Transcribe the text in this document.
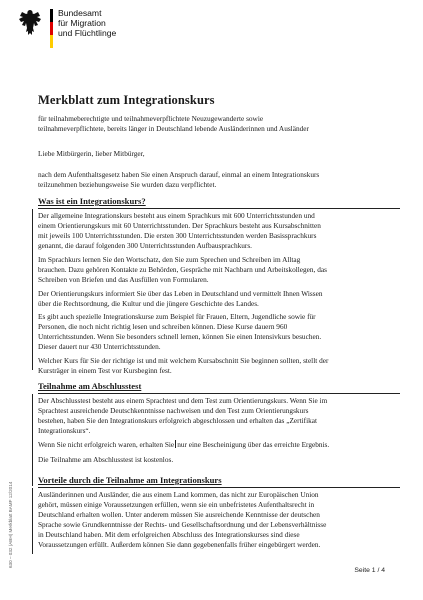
Bundesamt
für Migration
und Flüchtlinge
Merkblatt zum Integrationskurs
für teilnahmeberechtigte und teilnahmeverpflichtete Neuzugewanderte sowie
teilnahmeverpflichtete, bereits länger in Deutschland lebende Ausländerinnen und Ausländer
Liebe Mitbürgerin, lieber Mitbürger,
nach dem Aufenthaltsgesetz haben Sie einen Anspruch darauf, einmal an einem Integrationskurs
teilzunehmen beziehungsweise Sie wurden dazu verpflichtet.
Was ist ein Integrationskurs?
Der allgemeine Integrationskurs besteht aus einem Sprachkurs mit 600 Unterrichtsstunden und
einem Orientierungskurs mit 60 Unterrichtsstunden. Der Sprachkurs besteht aus Kursabschnitten
mit jeweils 100 Unterrichtsstunden. Die ersten 300 Unterrichtsstunden werden Basissprachkurs
genannt, die darauf folgenden 300 Unterrichtsstunden Aufbausprachkurs.
Im Sprachkurs lernen Sie den Wortschatz, den Sie zum Sprechen und Schreiben im Alltag
brauchen. Dazu gehören Kontakte zu Behörden, Gespräche mit Nachbarn und Arbeitskollegen, das
Schreiben von Briefen und das Ausfüllen von Formularen.
Der Orientierungskurs informiert Sie über das Leben in Deutschland und vermittelt Ihnen Wissen
über die Rechtsordnung, die Kultur und die jüngere Geschichte des Landes.
Es gibt auch spezielle Integrationskurse zum Beispiel für Frauen, Eltern, Jugendliche sowie für
Personen, die noch nicht richtig lesen und schreiben können. Diese Kurse dauern 960
Unterrichtsstunden. Wenn Sie besonders schnell lernen, können Sie einen Intensivkurs besuchen.
Dieser dauert nur 430 Unterrichtsstunden.
Welcher Kurs für Sie der richtige ist und mit welchem Kursabschnitt Sie beginnen sollten, stellt der
Kursträger in einem Test vor Kursbeginn fest.
Teilnahme am Abschlusstest
Der Abschlusstest besteht aus einem Sprachtest und dem Test zum Orientierungskurs. Wenn Sie im
Sprachtest ausreichende Deutschkenntnisse nachweisen und den Test zum Orientierungskurs
bestehen, haben Sie den Integrationskurs erfolgreich abgeschlossen und erhalten das „Zertifikat
Integrationskurs“.
Wenn Sie nicht erfolgreich waren, erhalten Sie nur eine Bescheinigung über das erreichte Ergebnis.
Die Teilnahme am Abschlusstest ist kostenlos.
Vorteile durch die Teilnahme am Integrationskurs
Ausländerinnen und Ausländer, die aus einem Land kommen, das nicht zur Europäischen Union
gehört, müssen einige Voraussetzungen erfüllen, wenn sie ein unbefristetes Aufenthaltsrecht in
Deutschland erhalten wollen. Unter anderem müssen Sie ausreichende Kenntnisse der deutschen
Sprache sowie Grundkenntnisse der Rechts- und Gesellschaftsordnung und der Lebensverhältnisse
in Deutschland haben. Mit dem erfolgreichen Abschluss des Integrationskurses sind diese
Voraussetzungen erfüllt. Außerdem können Sie dann gegebenenfalls früher eingebürgert werden.
630 – 032 (ABH) Merkblatt BAMF 12/2014
Seite 1 / 4
